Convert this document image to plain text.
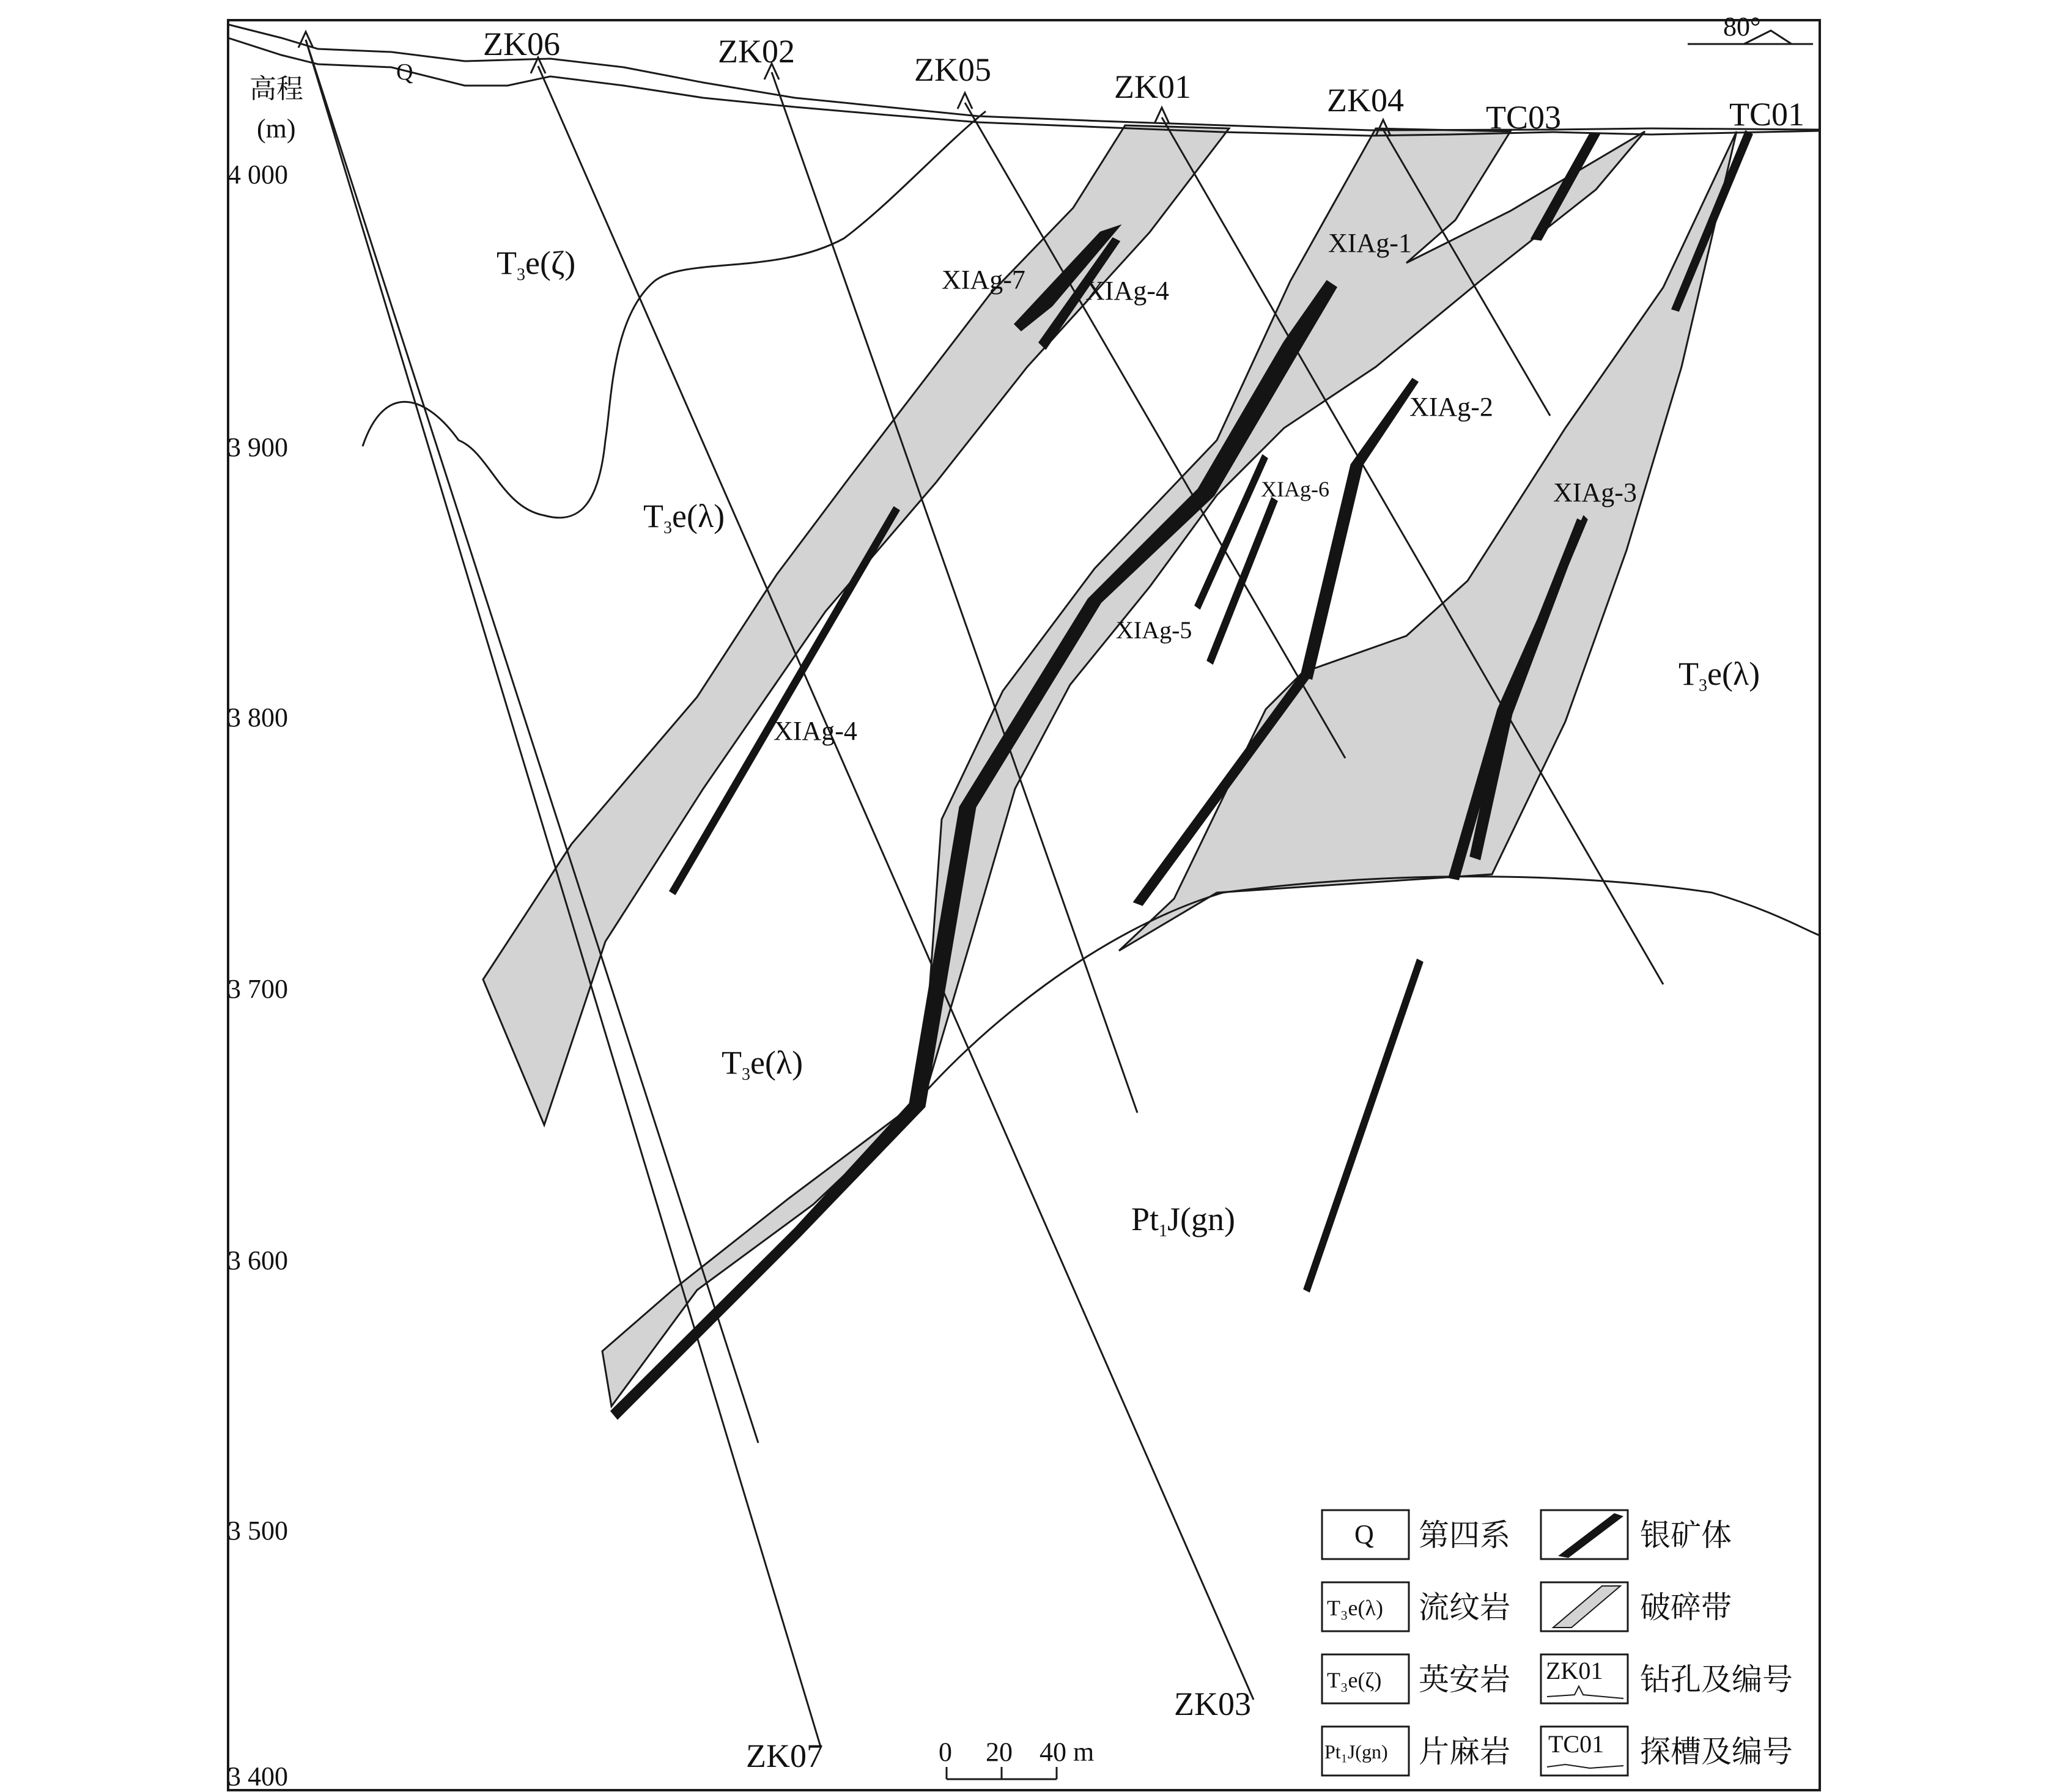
80°
高程
(m)
4 000
3 900
3 800
3 700
3 600
3 500
3 400
ZK06	ZK02	ZK05	ZK01	ZK04
ZK07
ZK03
TC03	TC01
XIAg-7 XIAg-4
XIAg-1
XIAg-2
XIAg-6
XIAg-5
XIAg-3
XIAg-4
Q
T3e(ζ)
T3e(λ)
T3e(λ)
T3e(λ)
Pt1J(gn)
0 20 40 m
Q 第四系
T₃e(λ) 流纹岩
T₃e(ζ) 英安岩
Pt₁J(gn) 片麻岩
银矿体
破碎带
ZK01 钻孔及编号
TC01 探槽及编号
